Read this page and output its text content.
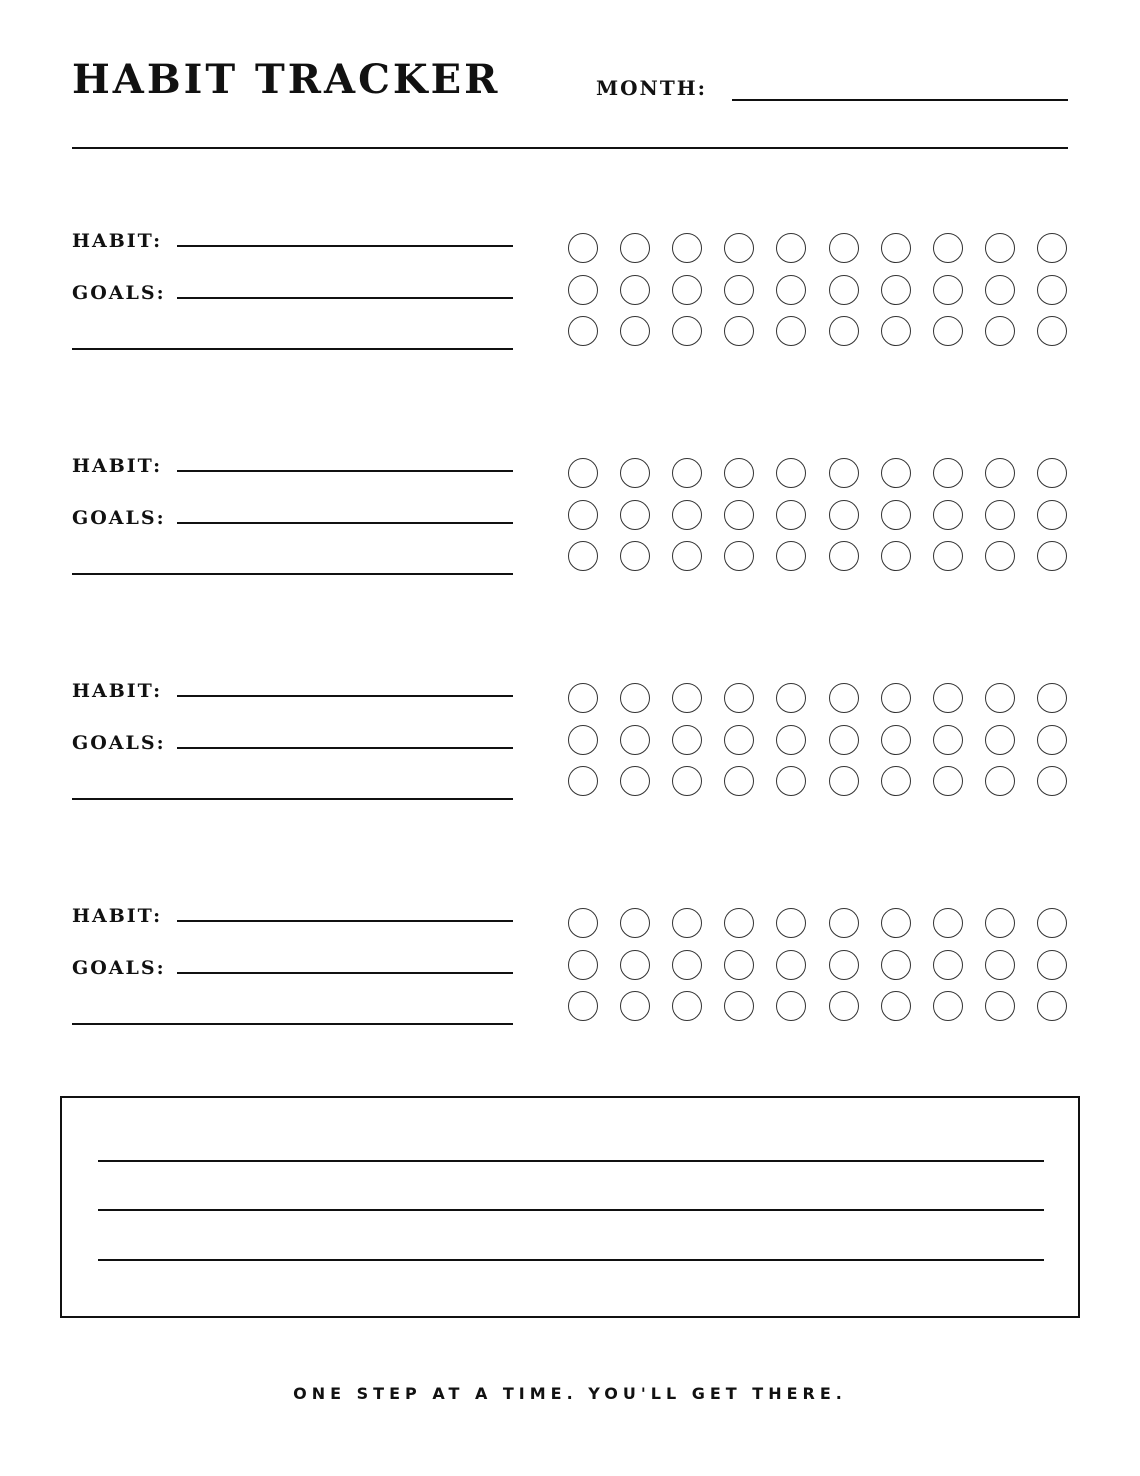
HABIT TRACKER	MONTH:
HABIT:
GOALS:
HABIT:
GOALS:
HABIT:
GOALS:
HABIT:
GOALS:
ONE STEP AT A TIME. YOU'LL GET THERE.
